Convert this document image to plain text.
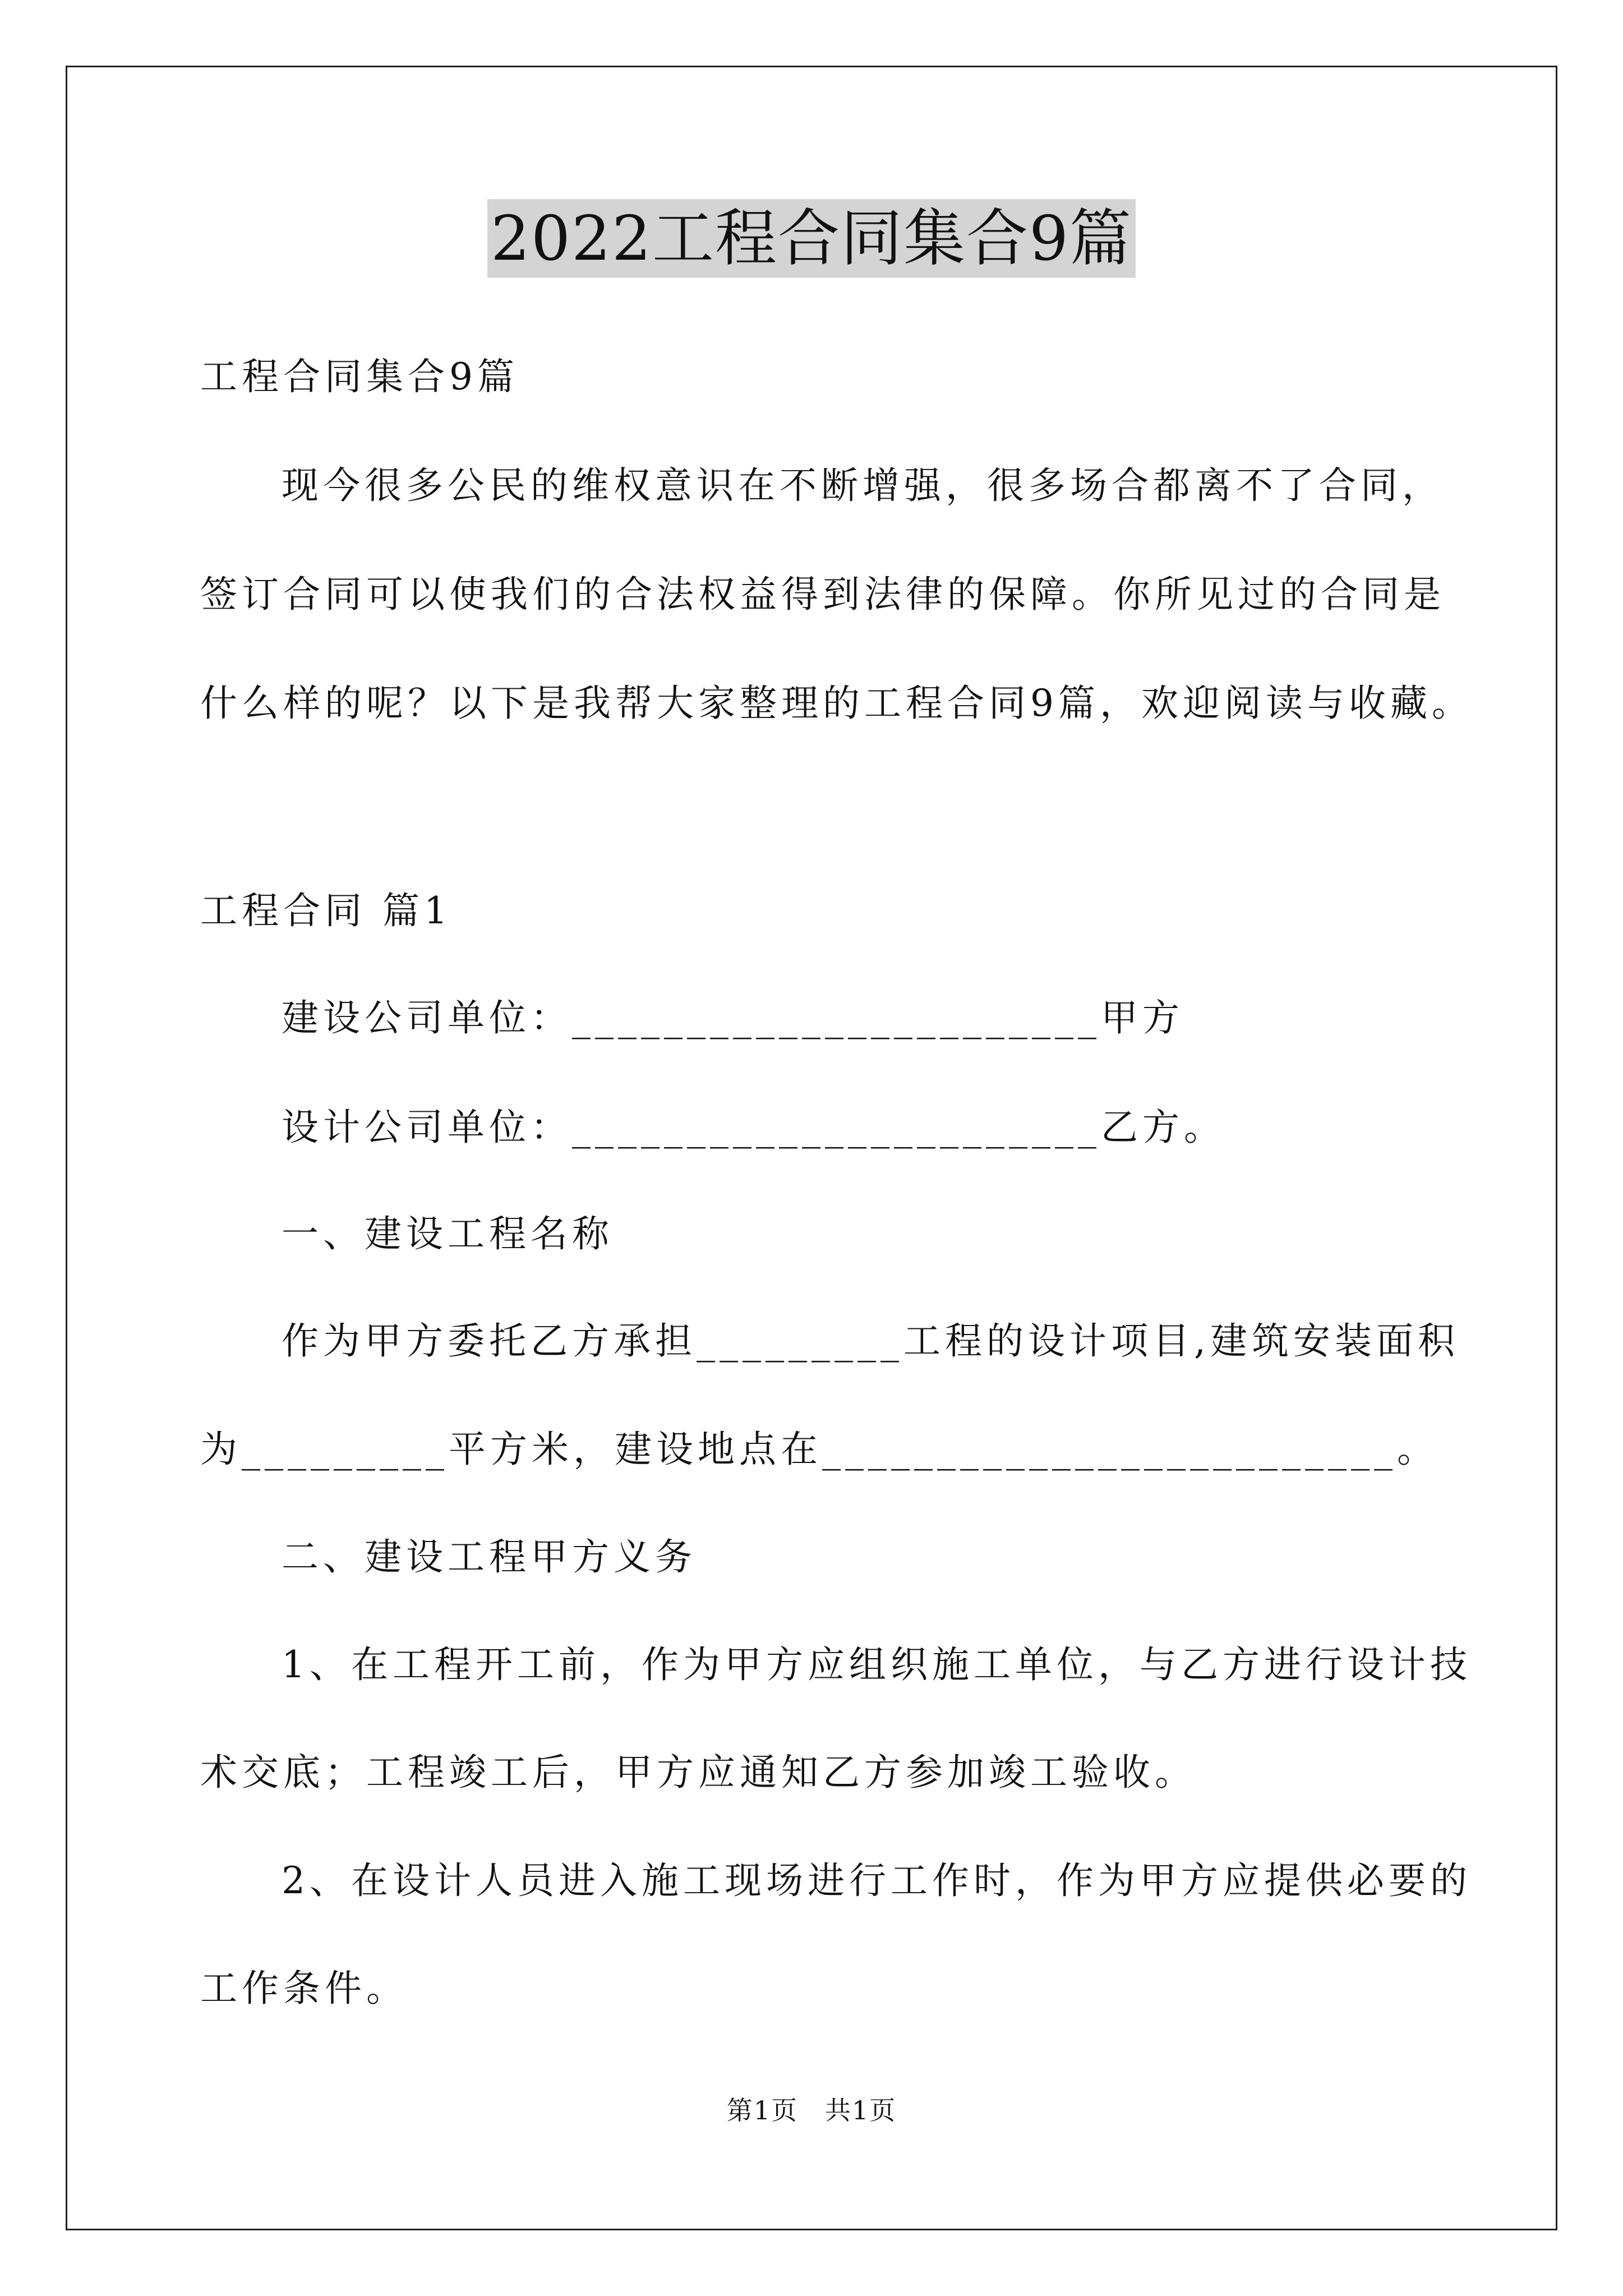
2022工程合同集合9篇
工程合同集合9篇
现今很多公民的维权意识在不断增强，很多场合都离不了合同，
签订合同可以使我们的合法权益得到法律的保障。你所见过的合同是
什么样的呢？以下是我帮大家整理的工程合同9篇，欢迎阅读与收藏。
工程合同 篇1
建设公司单位：_______________________甲方
设计公司单位：_______________________乙方。
一、建设工程名称
作为甲方委托乙方承担_________工程的设计项目,建筑安装面积
为_________平方米，建设地点在_________________________。
二、建设工程甲方义务
1、在工程开工前，作为甲方应组织施工单位，与乙方进行设计技
术交底；工程竣工后，甲方应通知乙方参加竣工验收。
2、在设计人员进入施工现场进行工作时，作为甲方应提供必要的
工作条件。
第1页　共1页
